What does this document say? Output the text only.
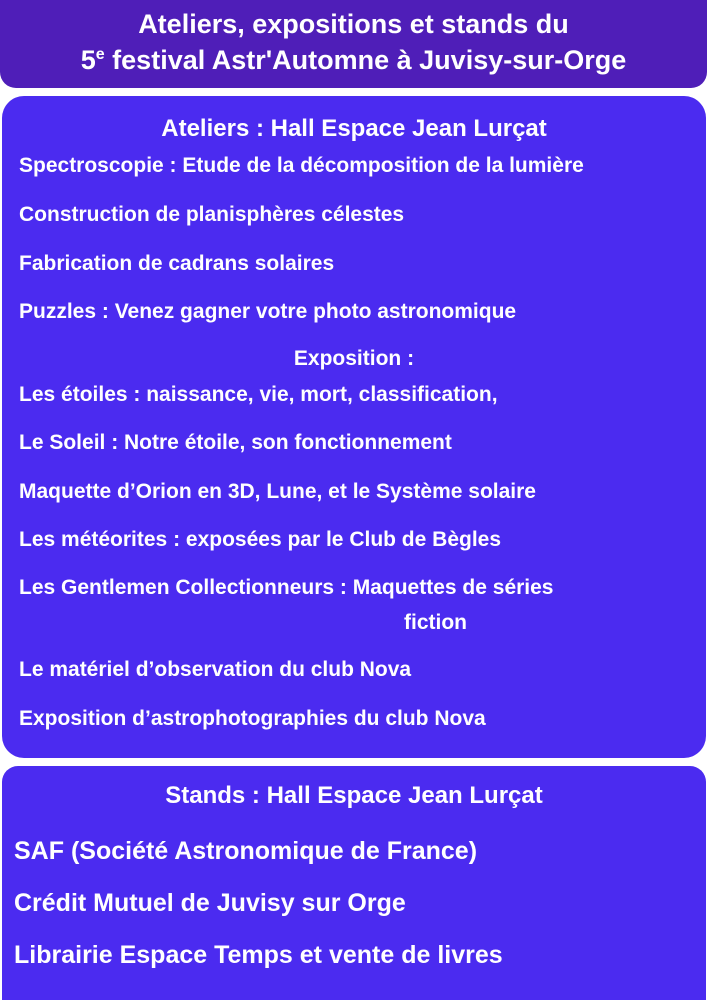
Ateliers, expositions et stands du
5e festival Astr'Automne à Juvisy-sur-Orge
Ateliers : Hall Espace Jean Lurçat
Spectroscopie : Etude de la décomposition de la lumière
Construction de planisphères célestes
Fabrication de cadrans solaires
Puzzles : Venez gagner votre photo astronomique
Exposition :
Les étoiles : naissance, vie, mort, classification,
Le Soleil : Notre étoile, son fonctionnement
Maquette d’Orion en 3D, Lune, et le Système solaire
Les météorites : exposées par le Club de Bègles
Les Gentlemen Collectionneurs : Maquettes de séries
fiction
Le matériel d’observation du club Nova
Exposition d’astrophotographies du club Nova
Stands : Hall Espace Jean Lurçat
SAF (Société Astronomique de France)
Crédit Mutuel de Juvisy sur Orge
Librairie Espace Temps et vente de livres
